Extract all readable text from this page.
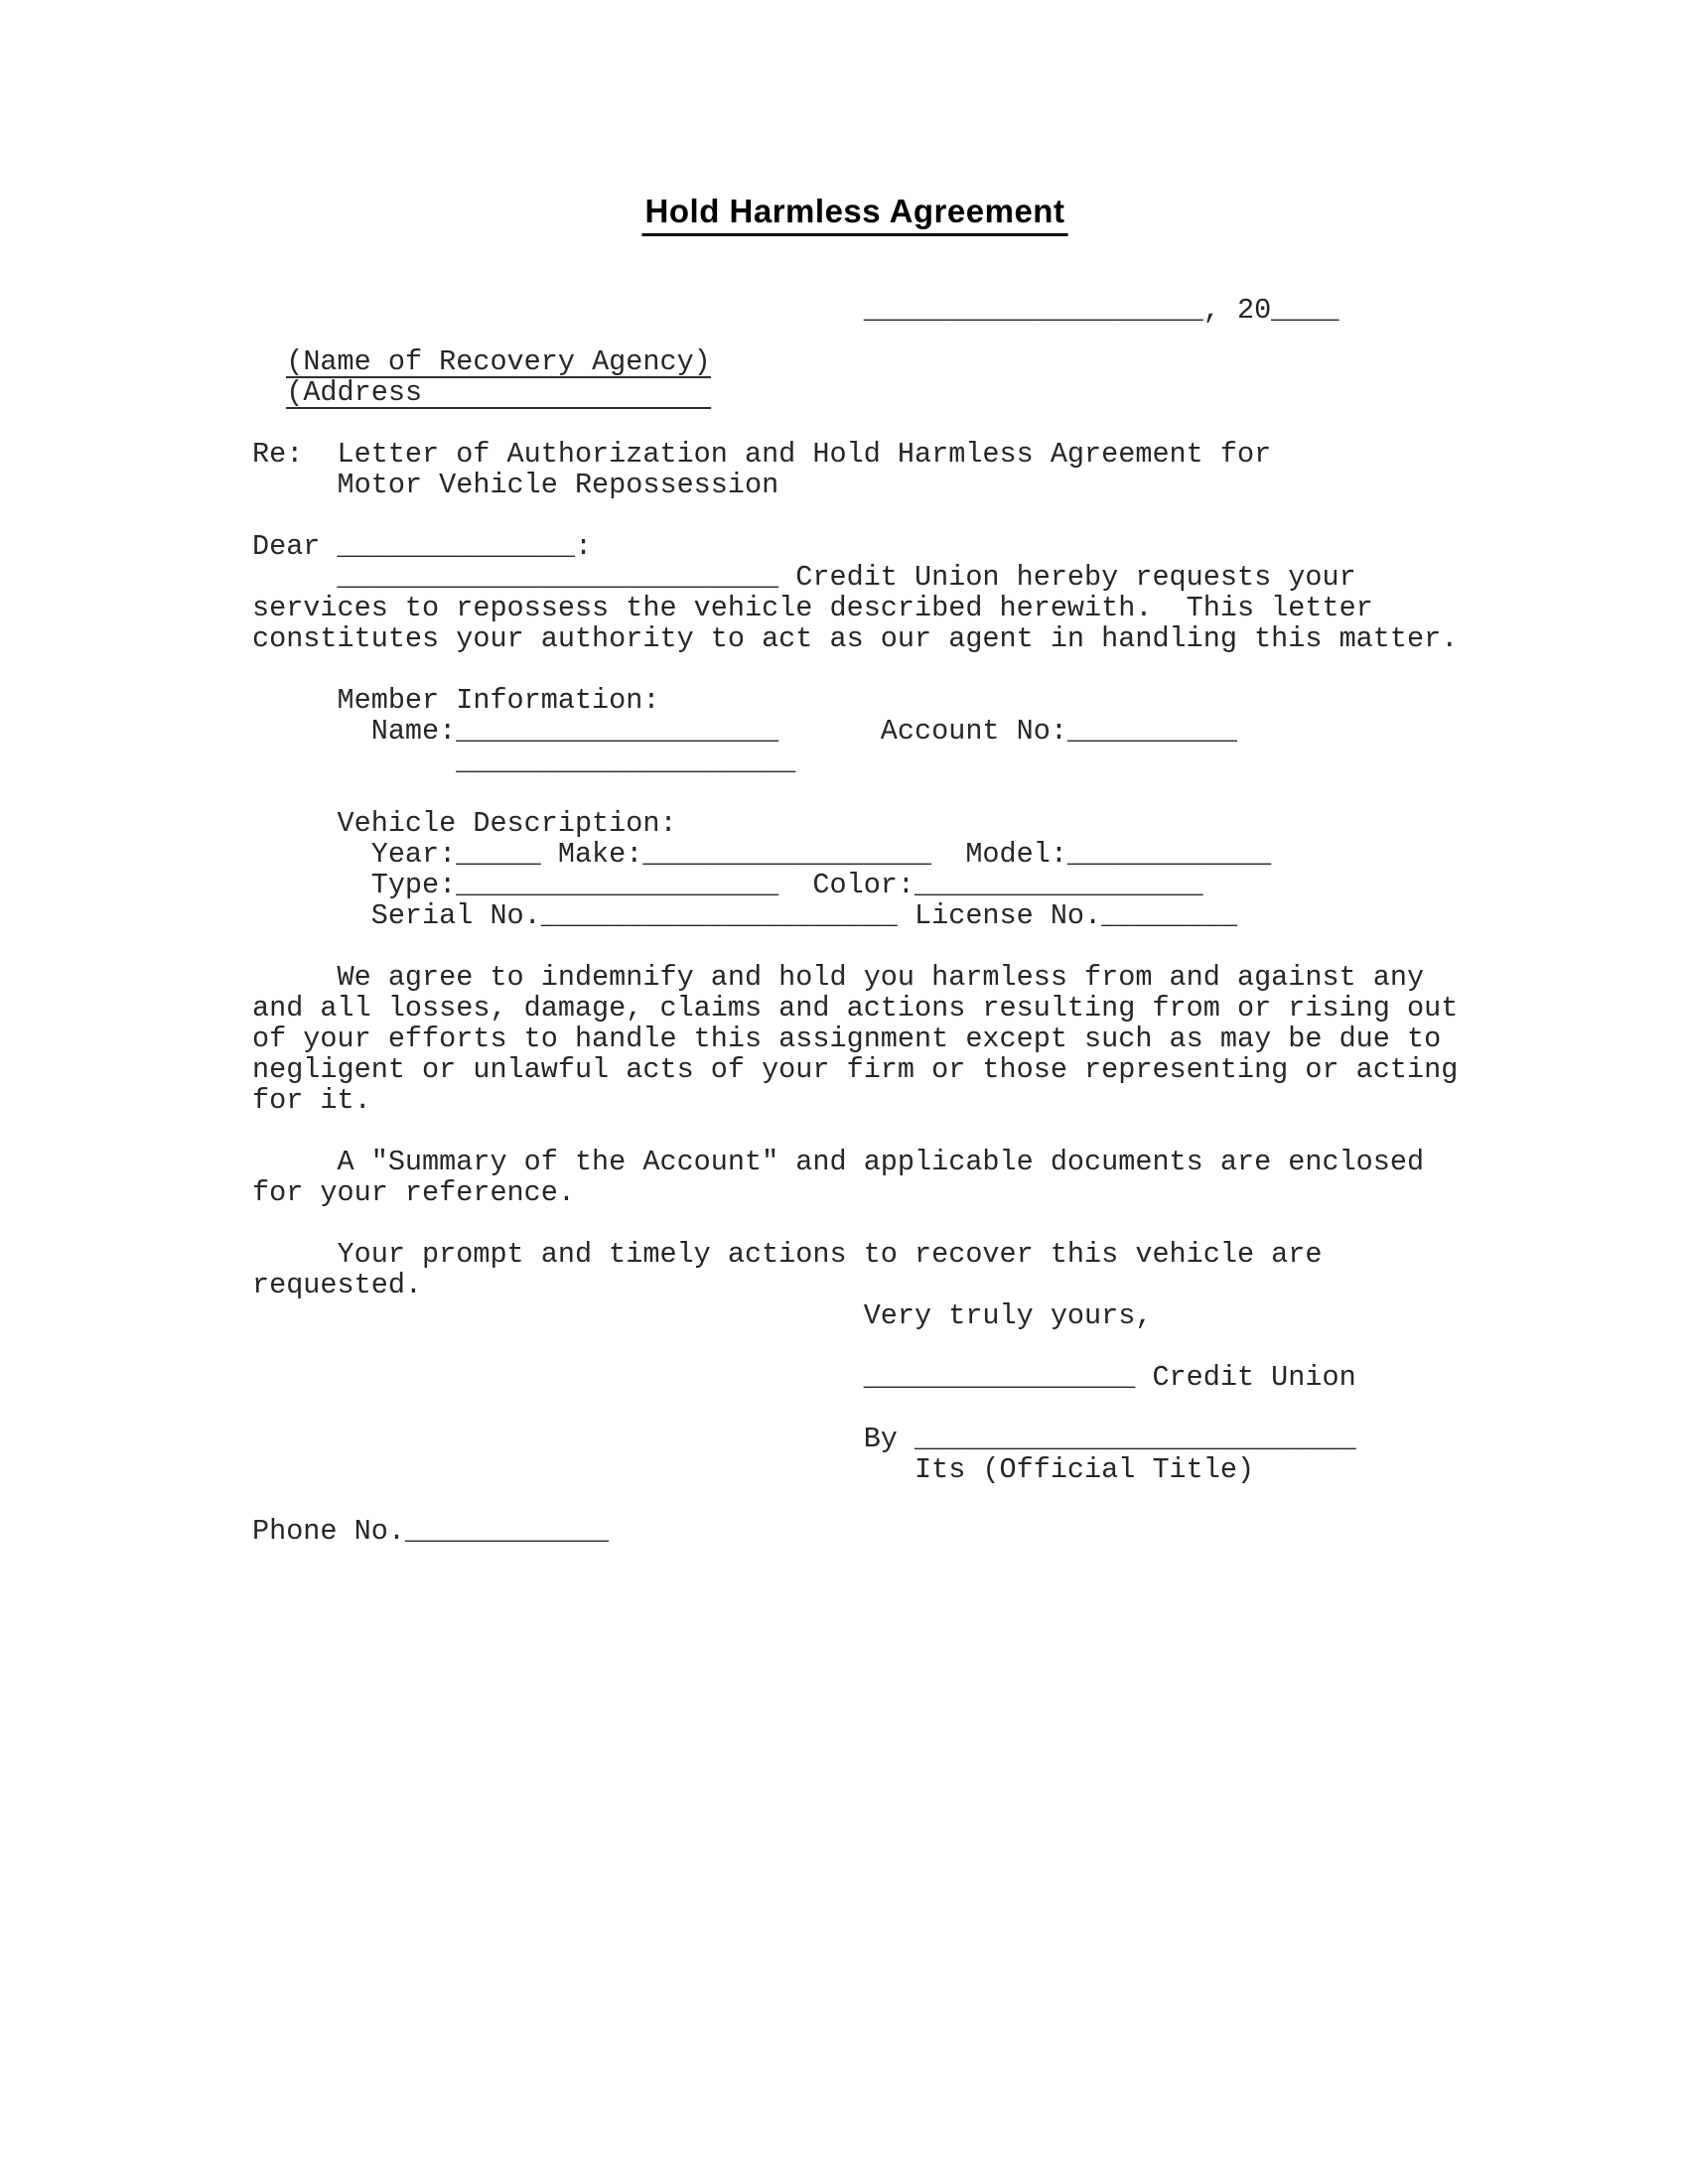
Hold Harmless Agreement
____________________, 20____
(Name of Recovery Agency)
(Address
Re:  Letter of Authorization and Hold Harmless Agreement for
Motor Vehicle Repossession
Dear ______________:
__________________________ Credit Union hereby requests your
services to repossess the vehicle described herewith.  This letter
constitutes your authority to act as our agent in handling this matter.
Member Information:
Name:___________________      Account No:__________
____________________
Vehicle Description:
Year:_____ Make:_________________  Model:____________
Type:___________________  Color:_________________
Serial No._____________________ License No.________
We agree to indemnify and hold you harmless from and against any
and all losses, damage, claims and actions resulting from or rising out
of your efforts to handle this assignment except such as may be due to
negligent or unlawful acts of your firm or those representing or acting
for it.
A "Summary of the Account" and applicable documents are enclosed
for your reference.
Your prompt and timely actions to recover this vehicle are
requested.
Very truly yours,
________________ Credit Union
By __________________________
Its (Official Title)
Phone No.____________
